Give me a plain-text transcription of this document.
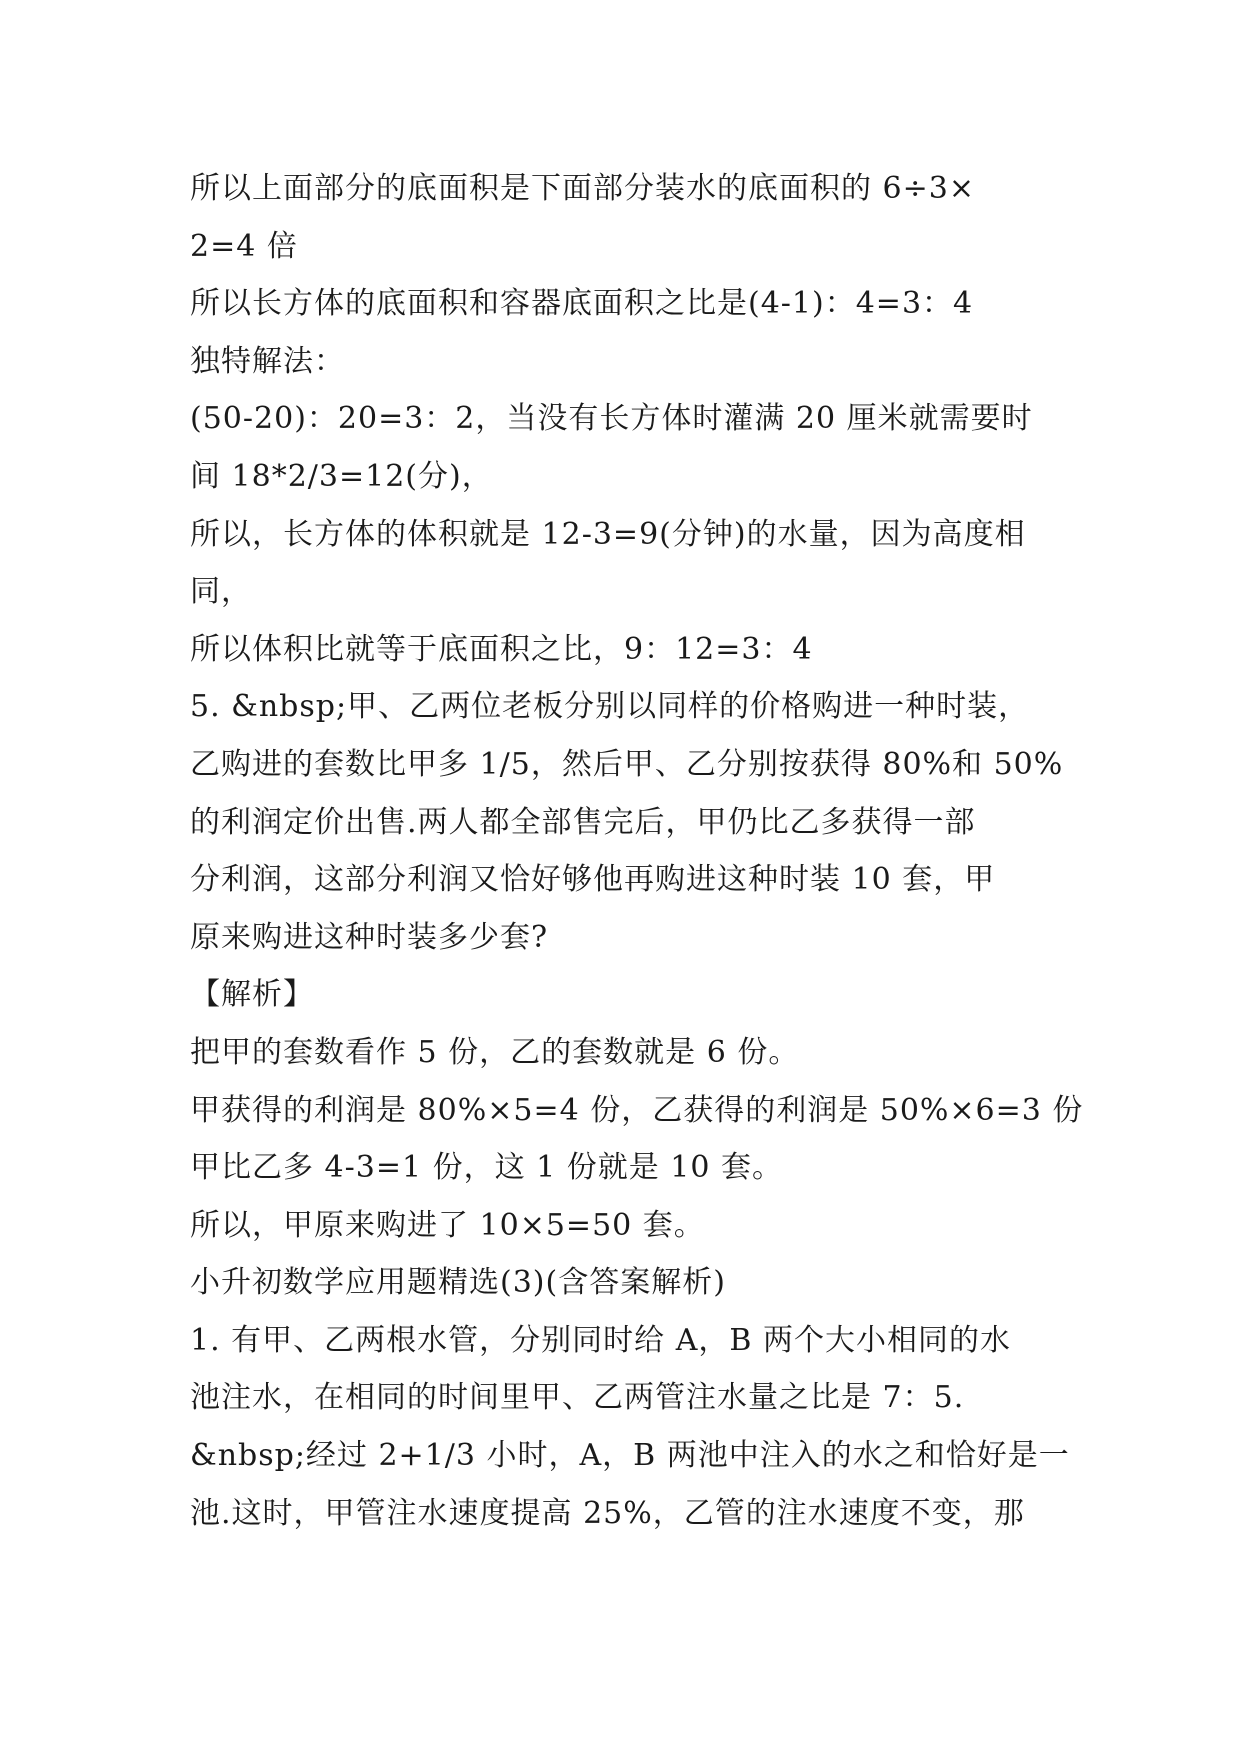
所以上面部分的底面积是下面部分装水的底面积的 6÷3×
2=4 倍
所以长方体的底面积和容器底面积之比是(4-1)：4=3：4
独特解法：
(50-20)：20=3：2，当没有长方体时灌满 20 厘米就需要时
间 18*2/3=12(分)，
所以，长方体的体积就是 12-3=9(分钟)的水量，因为高度相
同，
所以体积比就等于底面积之比，9：12=3：4
5. &nbsp;甲、乙两位老板分别以同样的价格购进一种时装，
乙购进的套数比甲多 1/5，然后甲、乙分别按获得 80%和 50%
的利润定价出售.两人都全部售完后，甲仍比乙多获得一部
分利润，这部分利润又恰好够他再购进这种时装 10 套，甲
原来购进这种时装多少套?
【解析】
把甲的套数看作 5 份，乙的套数就是 6 份。
甲获得的利润是 80%×5=4 份，乙获得的利润是 50%×6=3 份
甲比乙多 4-3=1 份，这 1 份就是 10 套。
所以，甲原来购进了 10×5=50 套。
小升初数学应用题精选(3)(含答案解析)
1. 有甲、乙两根水管，分别同时给 A，B 两个大小相同的水
池注水，在相同的时间里甲、乙两管注水量之比是 7：5.
&nbsp;经过 2+1/3 小时，A，B 两池中注入的水之和恰好是一
池.这时，甲管注水速度提高 25%，乙管的注水速度不变，那
